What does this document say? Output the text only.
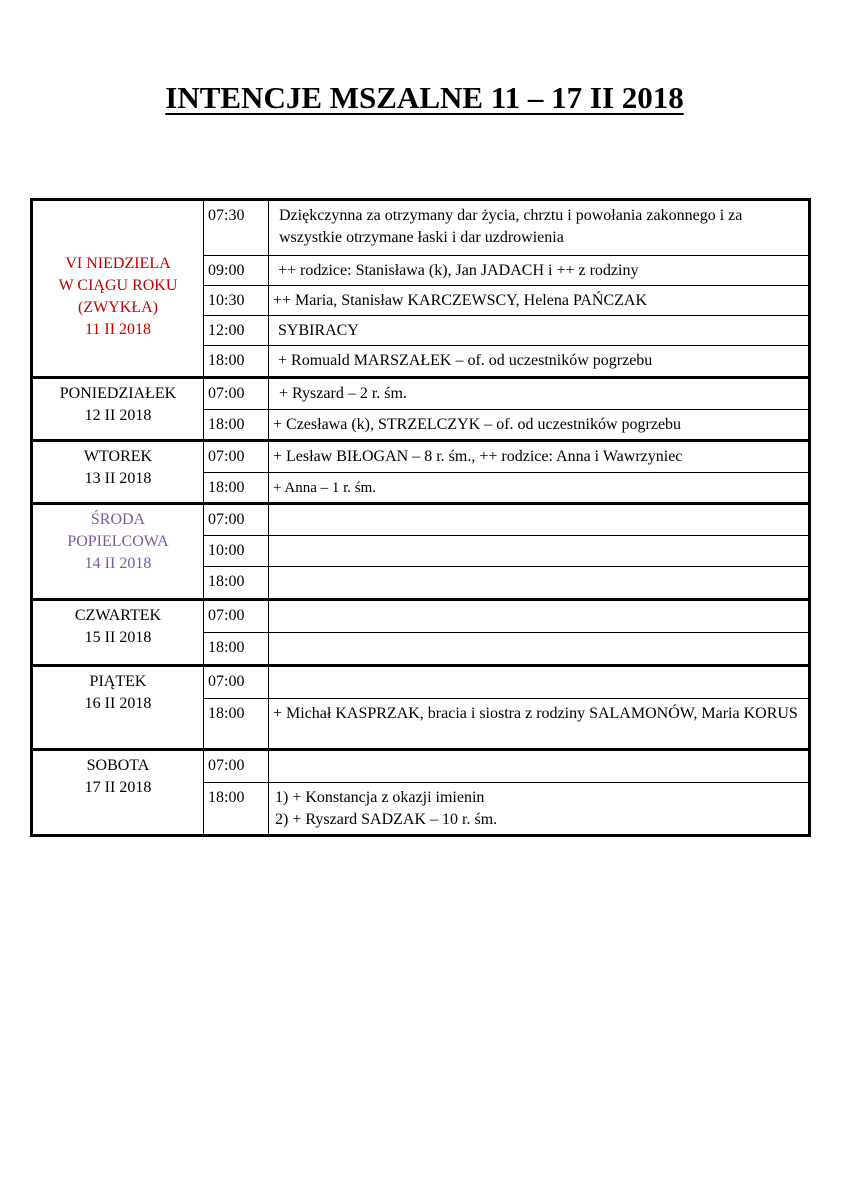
INTENCJE MSZALNE 11 – 17 II 2018
VI NIEDZIELA
W CIĄGU ROKU
(ZWYKŁA)
11 II 2018	07:30	Dziękczynna za otrzymany dar życia, chrztu i powołania zakonnego i za wszystkie otrzymane łaski i dar uzdrowienia
	09:00	++ rodzice: Stanisława (k), Jan JADACH i ++ z rodziny
	10:30	++ Maria, Stanisław KARCZEWSCY, Helena PAŃCZAK
	12:00	SYBIRACY
	18:00	+ Romuald MARSZAŁEK – of. od uczestników pogrzebu

PONIEDZIAŁEK
12 II 2018	07:00	+ Ryszard – 2 r. śm.
	18:00	+ Czesława (k), STRZELCZYK – of. od uczestników pogrzebu

WTOREK
13 II 2018	07:00	+ Lesław BIŁOGAN – 8 r. śm., ++ rodzice: Anna i Wawrzyniec
	18:00	+ Anna – 1 r. śm.

ŚRODA
POPIELCOWA
14 II 2018	07:00	
	10:00	
	18:00	

CZWARTEK
15 II 2018	07:00	
	18:00	

PIĄTEK
16 II 2018	07:00	
	18:00	+ Michał KASPRZAK, bracia i siostra z rodziny SALAMONÓW, Maria KORUS

SOBOTA
17 II 2018	07:00	
	18:00	1) + Konstancja z okazji imienin
2) + Ryszard SADZAK – 10 r. śm.
